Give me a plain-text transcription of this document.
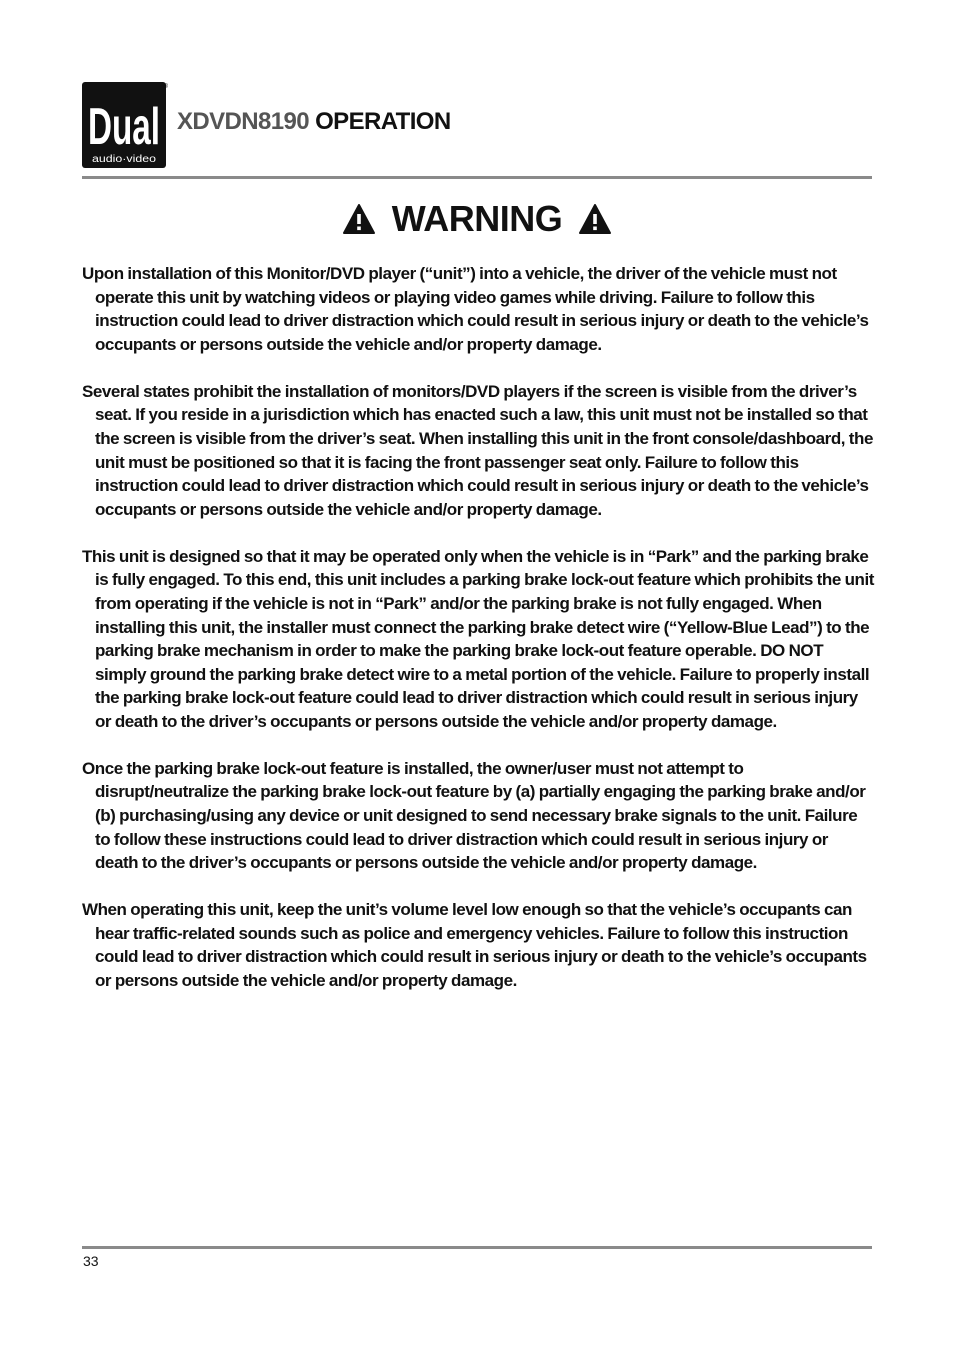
Dual
audio·video
®
XDVDN8190 OPERATION
WARNING

Upon installation of this Monitor/DVD player (“unit”) into a vehicle, the driver of the vehicle must not operate this unit by watching videos or playing video games while driving. Failure to follow this instruction could lead to driver distraction which could result in serious injury or death to the vehicle’s occupants or persons outside the vehicle and/or property damage.

Several states prohibit the installation of monitors/DVD players if the screen is visible from the driver’s seat. If you reside in a jurisdiction which has enacted such a law, this unit must not be installed so that the screen is visible from the driver’s seat. When installing this unit in the front console/dashboard, the unit must be positioned so that it is facing the front passenger seat only. Failure to follow this instruction could lead to driver distraction which could result in serious injury or death to the vehicle’s occupants or persons outside the vehicle and/or property damage.

This unit is designed so that it may be operated only when the vehicle is in “Park” and the parking brake is fully engaged. To this end, this unit includes a parking brake lock-out feature which prohibits the unit from operating if the vehicle is not in “Park” and/or the parking brake is not fully engaged. When installing this unit, the installer must connect the parking brake detect wire (“Yellow-Blue Lead”) to the parking brake mechanism in order to make the parking brake lock-out feature operable. DO NOT simply ground the parking brake detect wire to a metal portion of the vehicle. Failure to properly install the parking brake lock-out feature could lead to driver distraction which could result in serious injury or death to the driver’s occupants or persons outside the vehicle and/or property damage.

Once the parking brake lock-out feature is installed, the owner/user must not attempt to disrupt/neutralize the parking brake lock-out feature by (a) partially engaging the parking brake and/or (b) purchasing/using any device or unit designed to send necessary brake signals to the unit. Failure to follow these instructions could lead to driver distraction which could result in serious injury or death to the driver’s occupants or persons outside the vehicle and/or property damage.

When operating this unit, keep the unit’s volume level low enough so that the vehicle’s occupants can hear traffic-related sounds such as police and emergency vehicles. Failure to follow this instruction could lead to driver distraction which could result in serious injury or death to the vehicle’s occupants or persons outside the vehicle and/or property damage.

33
